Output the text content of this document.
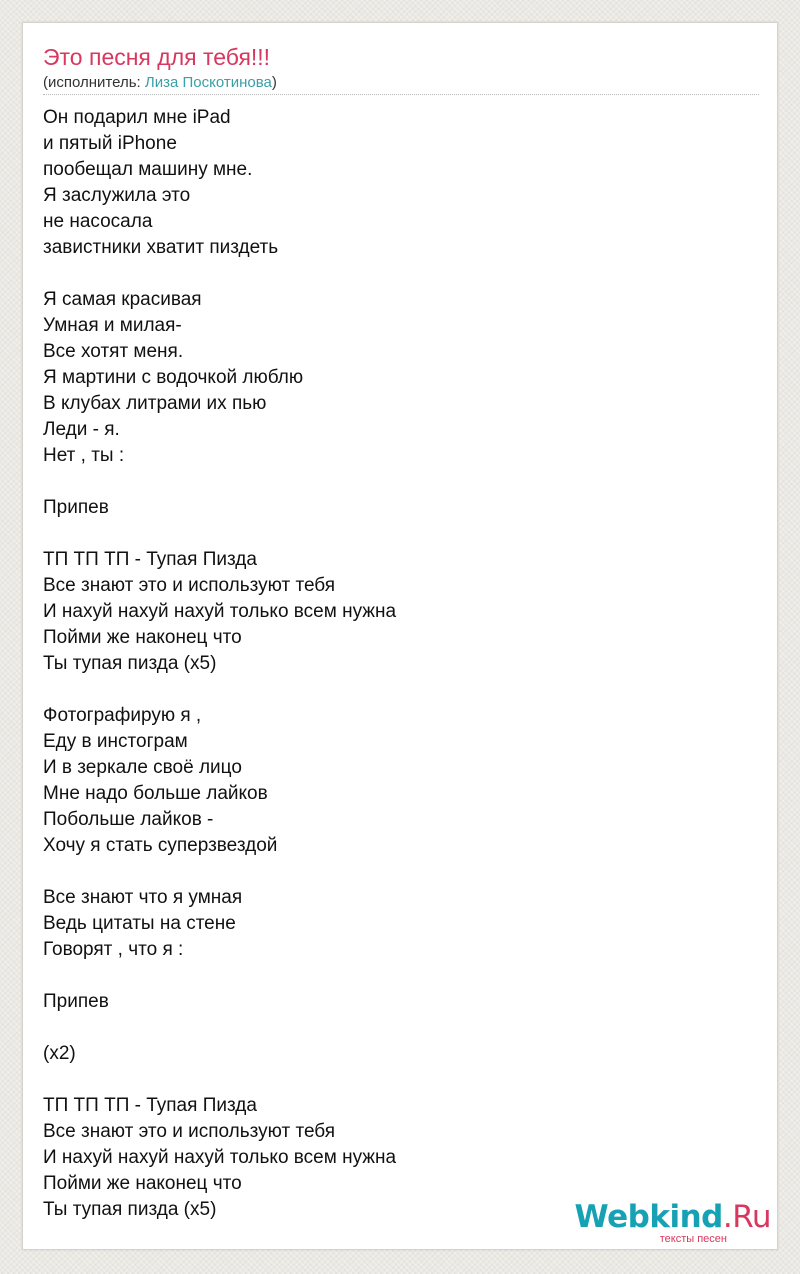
Это песня для тебя!!!
(исполнитель: Лиза Поскотинова)
Он подарил мне iPad
и пятый iPhone
пообещал машину мне.
Я заслужила это
не насосала
завистники хватит пиздеть
Я самая красивая
Умная и милая-
Все хотят меня.
Я мартини с водочкой люблю
В клубах литрами их пью
Леди - я.
Нет , ты :
Припев
ТП ТП ТП - Тупая Пизда
Все знают это и используют тебя
И нахуй нахуй нахуй только всем нужна
Пойми же наконец что
Ты тупая пизда (x5)
Фотографирую я ,
Еду в инстограм
И в зеркале своё лицо
Мне надо больше лайков
Побольше лайков -
Хочу я стать суперзвездой
Все знают что я умная
Ведь цитаты на стене
Говорят , что я :
Припев
(x2)
ТП ТП ТП - Тупая Пизда
Все знают это и используют тебя
И нахуй нахуй нахуй только всем нужна
Пойми же наконец что
Ты тупая пизда (x5)	Webkind.Ru
тексты песен
